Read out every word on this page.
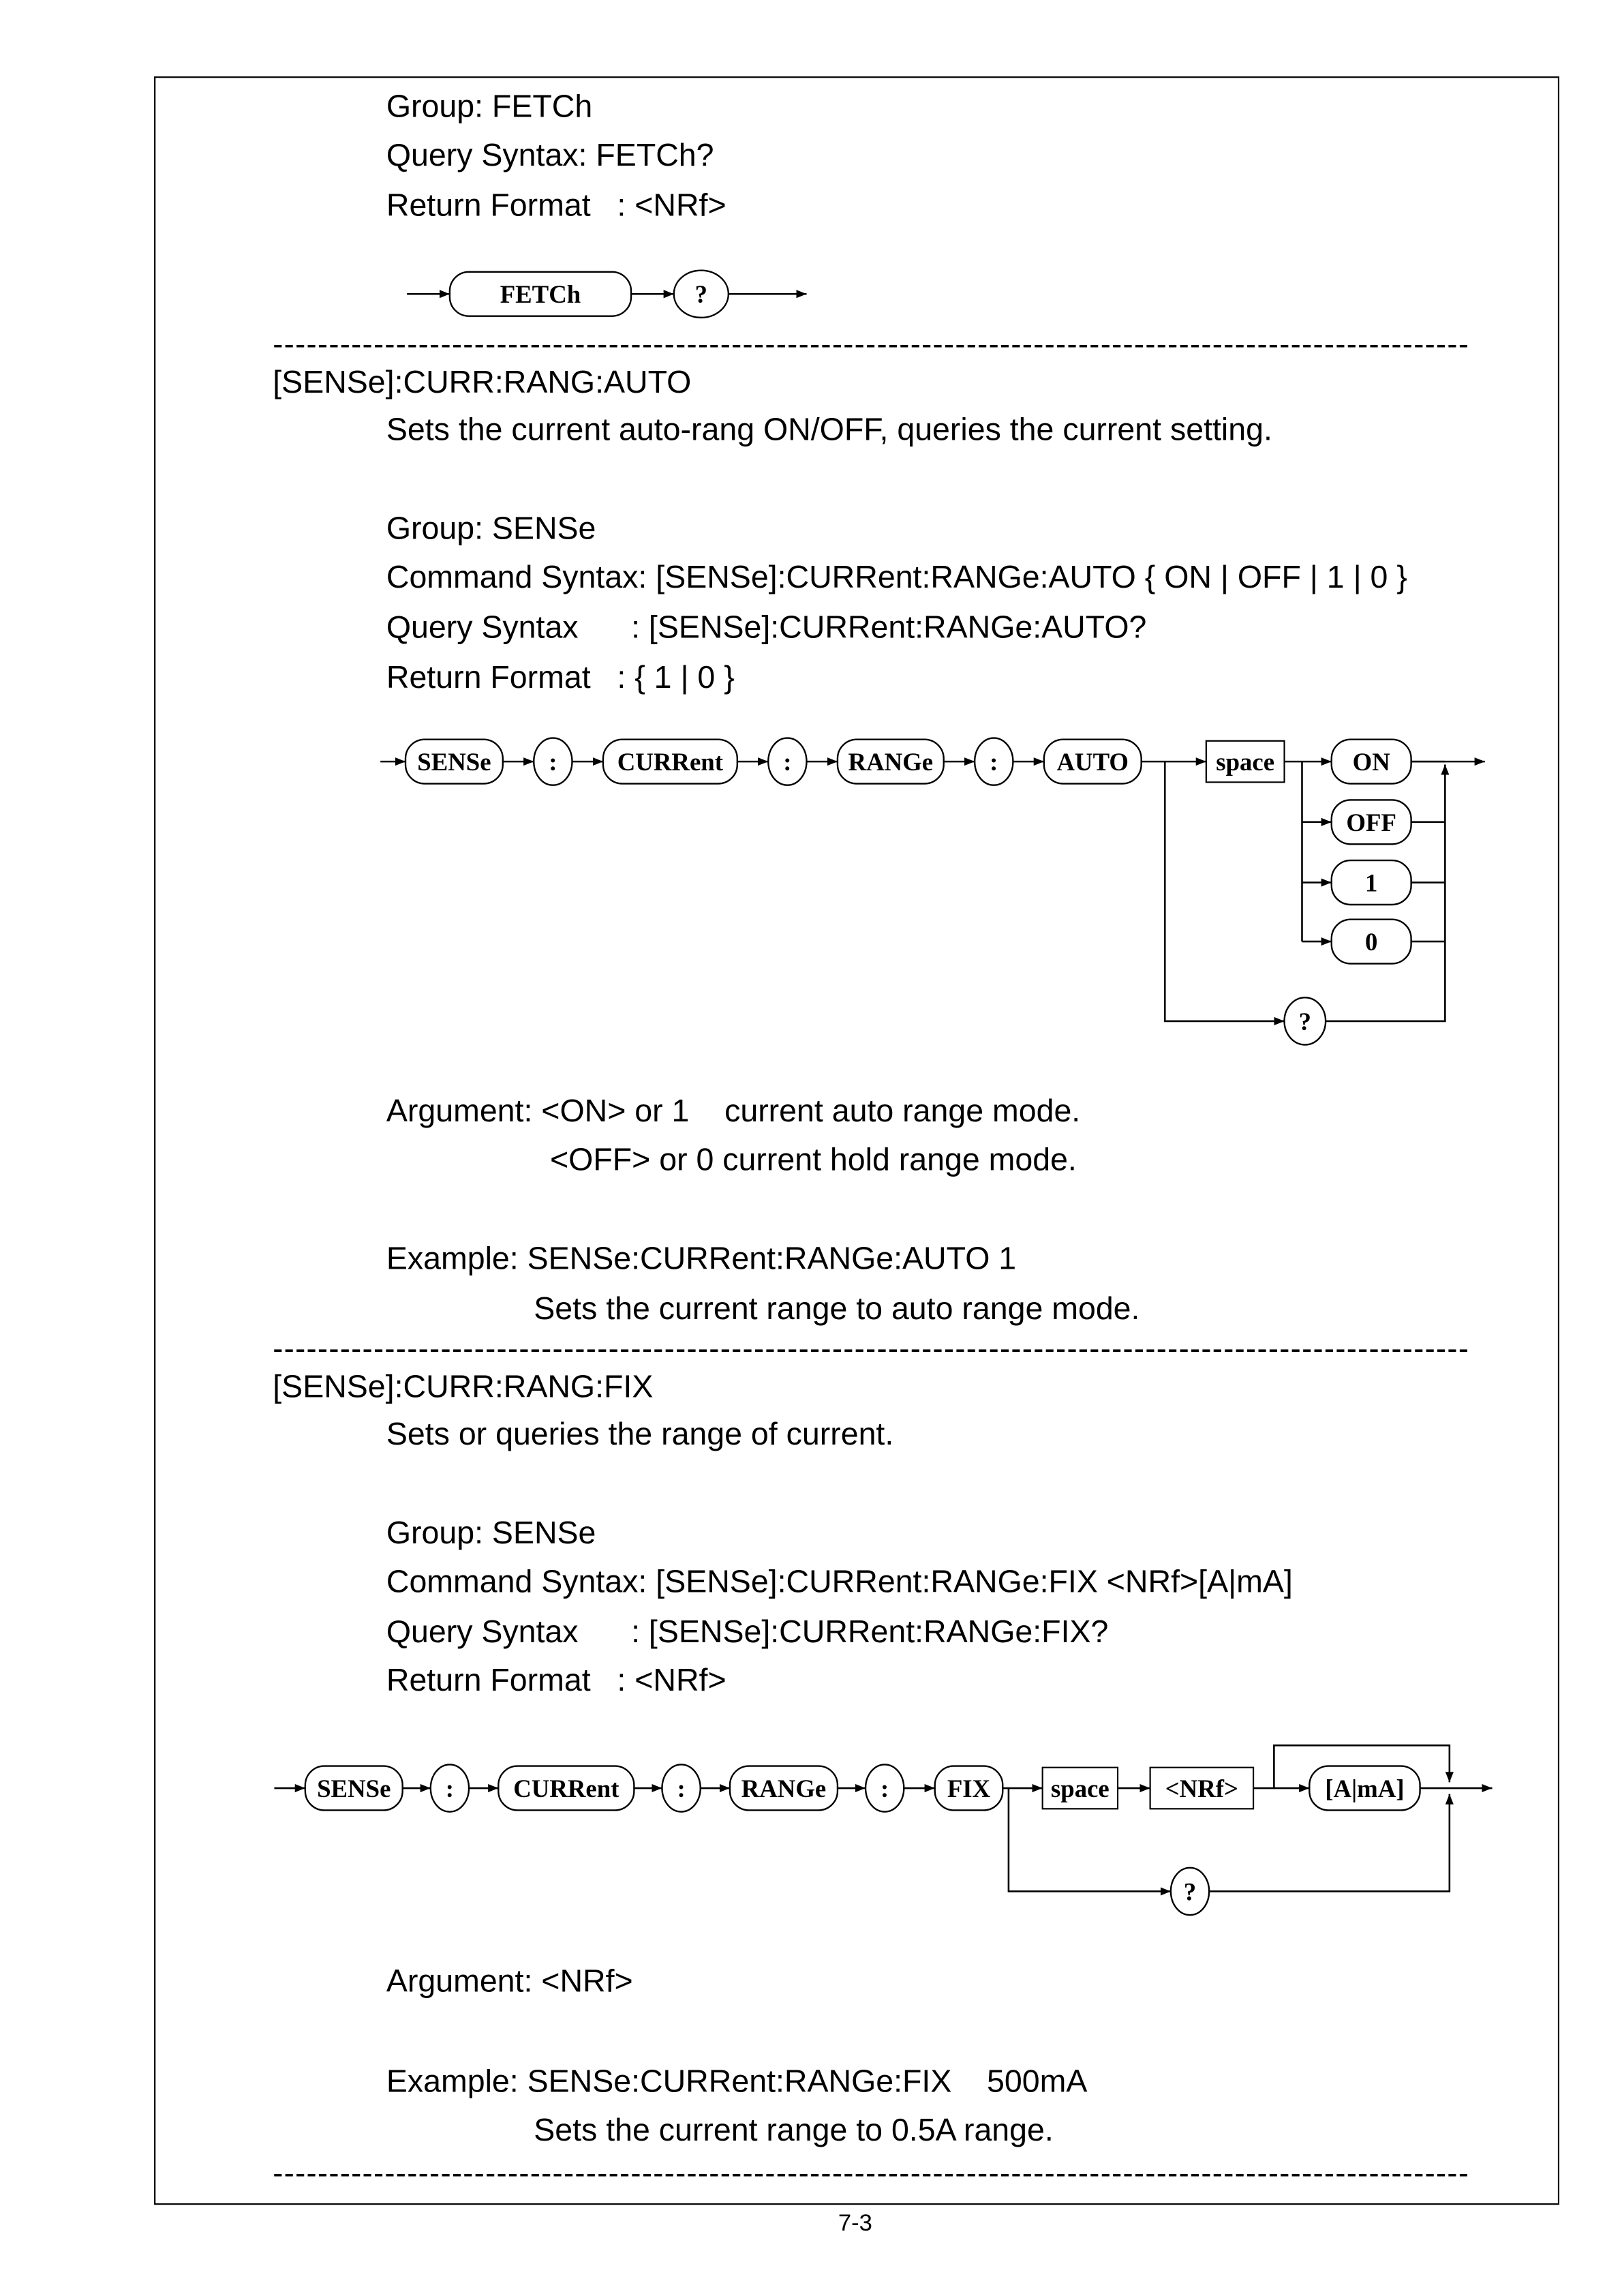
Group: FETCh
Query Syntax: FETCh?
Return Format   : <NRf>
FETCh	?
-----------------------------------------------------------------------------------------------------------
[SENSe]:CURR:RANG:AUTO
Sets the current auto-rang ON/OFF, queries the current setting.
Group: SENSe
Command Syntax: [SENSe]:CURRent:RANGe:AUTO { ON | OFF | 1 | 0 }
Query Syntax      : [SENSe]:CURRent:RANGe:AUTO?
Return Format   : { 1 | 0 }
SENSe	:	CURRent	:	RANGe	:	AUTO	space	ON
OFF
1
0
?
Argument: <ON> or 1    current auto range mode.
<OFF> or 0 current hold range mode.
Example: SENSe:CURRent:RANGe:AUTO 1
Sets the current range to auto range mode.
-----------------------------------------------------------------------------------------------------------
[SENSe]:CURR:RANG:FIX
Sets or queries the range of current.
Group: SENSe
Command Syntax: [SENSe]:CURRent:RANGe:FIX <NRf>[A|mA]
Query Syntax      : [SENSe]:CURRent:RANGe:FIX?
Return Format   : <NRf>
SENSe	:	CURRent	:	RANGe	:	FIX	space	<NRf>	[A|mA]
?
Argument: <NRf>
Example: SENSe:CURRent:RANGe:FIX    500mA
Sets the current range to 0.5A range.
-----------------------------------------------------------------------------------------------------------
7-3
